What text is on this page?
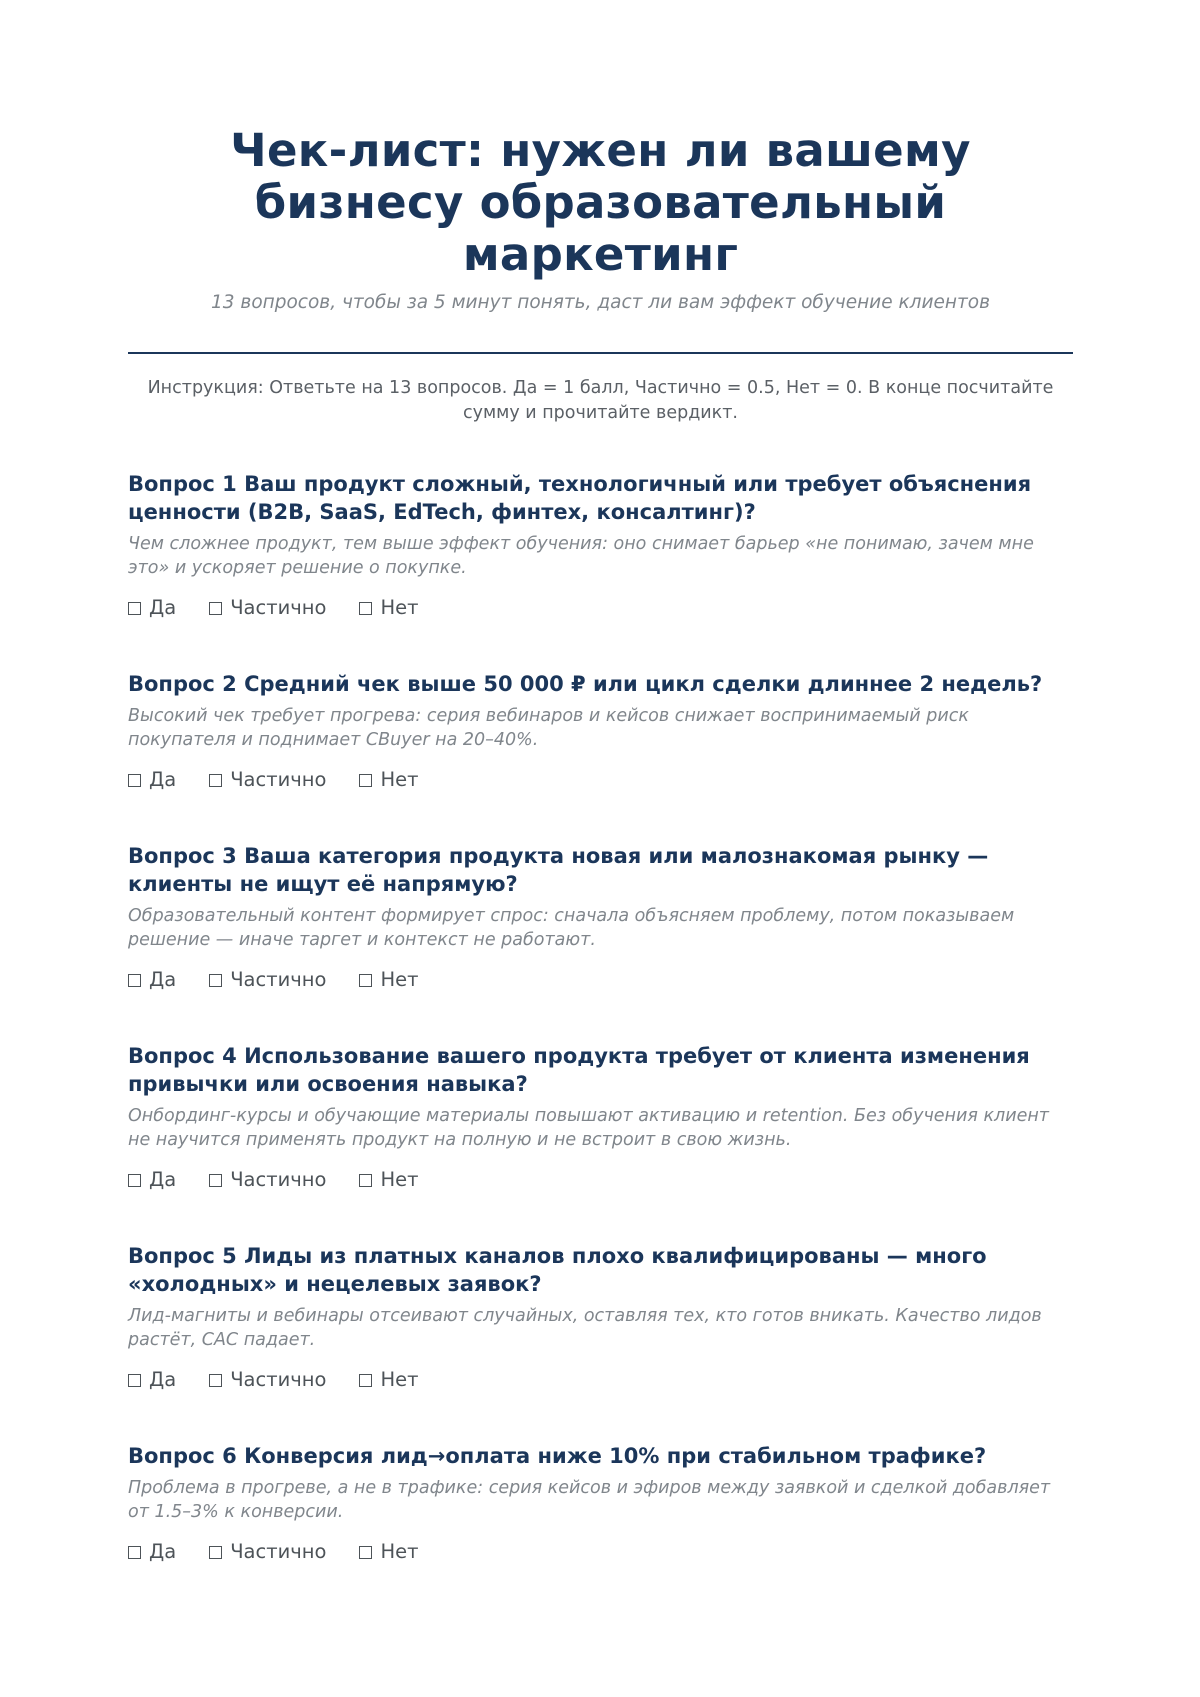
Чек-лист: нужен ли вашему бизнесу образовательный маркетинг

13 вопросов, чтобы за 5 минут понять, даст ли вам эффект обучение клиентов

Инструкция: Ответьте на 13 вопросов. Да = 1 балл, Частично = 0.5, Нет = 0. В конце посчитайте сумму и прочитайте вердикт.

Вопрос 1 Ваш продукт сложный, технологичный или требует объяснения ценности (B2B, SaaS, EdTech, финтех, консалтинг)?

Чем сложнее продукт, тем выше эффект обучения: оно снимает барьер «не понимаю, зачем мне это» и ускоряет решение о покупке.

Да	Частично	Нет
Вопрос 2 Средний чек выше 50 000 ₽ или цикл сделки длиннее 2 недель?

Высокий чек требует прогрева: серия вебинаров и кейсов снижает воспринимаемый риск покупателя и поднимает CBuyer на 20–40%.

Да	Частично	Нет
Вопрос 3 Ваша категория продукта новая или малознакомая рынку — клиенты не ищут её напрямую?

Образовательный контент формирует спрос: сначала объясняем проблему, потом показываем решение — иначе таргет и контекст не работают.

Да	Частично	Нет
Вопрос 4 Использование вашего продукта требует от клиента изменения привычки или освоения навыка?

Онбординг-курсы и обучающие материалы повышают активацию и retention. Без обучения клиент не научится применять продукт на полную и не встроит в свою жизнь.

Да	Частично	Нет
Вопрос 5 Лиды из платных каналов плохо квалифицированы — много «холодных» и нецелевых заявок?

Лид-магниты и вебинары отсеивают случайных, оставляя тех, кто готов вникать. Качество лидов растёт, CAC падает.

Да	Частично	Нет
Вопрос 6 Конверсия лид→оплата ниже 10% при стабильном трафике?

Проблема в прогреве, а не в трафике: серия кейсов и эфиров между заявкой и сделкой добавляет от 1.5–3% к конверсии.

Да	Частично	Нет
